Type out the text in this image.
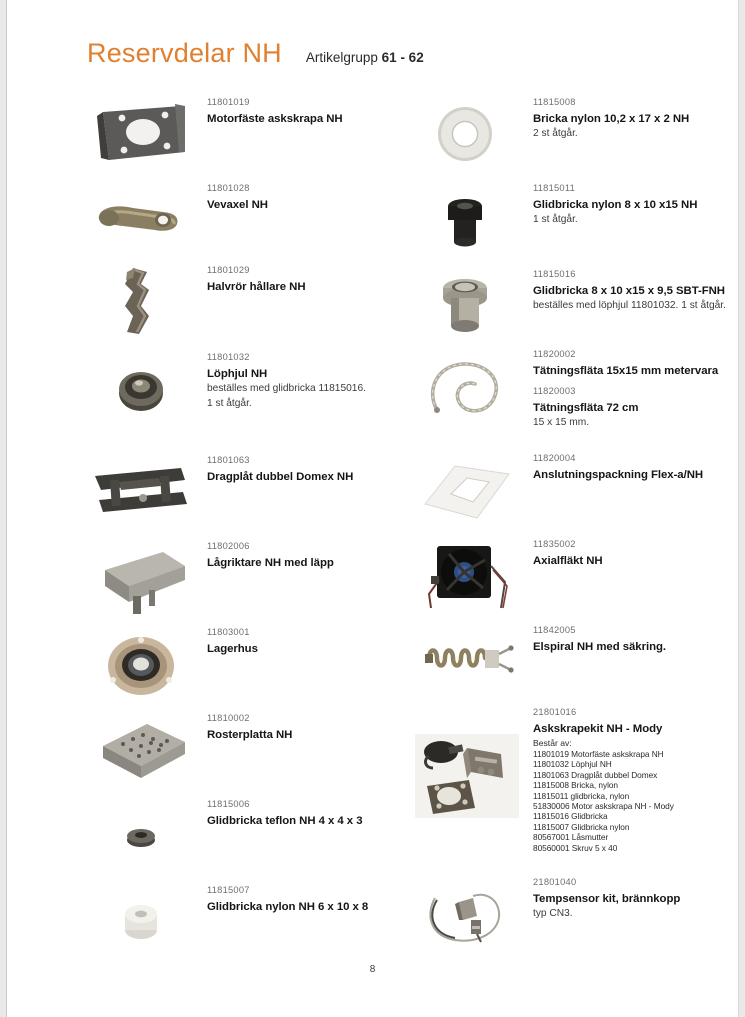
Reservdelar NH Artikelgrupp 61 - 62
11801019
Motorfäste askskrapa NH
11801028
Vevaxel NH
11801029
Halvrör hållare NH
11801032
Löphjul NH
beställes med glidbricka 11815016.
1 st åtgår.
11801063
Dragplåt dubbel Domex NH
11802006
Lågriktare NH med läpp
11803001
Lagerhus
11810002
Rosterplatta NH
11815006
Glidbricka teflon NH 4 x 4 x 3
11815007
Glidbricka nylon NH 6 x 10 x 8
11815008
Bricka nylon 10,2 x 17 x 2 NH
2 st åtgår.
11815011
Glidbricka nylon 8 x 10 x15 NH
1 st åtgår.
11815016
Glidbricka 8 x 10 x15 x 9,5 SBT-FNH
beställes med löphjul 11801032. 1 st åtgår.
11820002
Tätningsfläta 15x15 mm metervara
11820003
Tätningsfläta 72 cm
15 x 15 mm.
11820004
Anslutningspackning Flex-a/NH
11835002
Axialfläkt NH
11842005
Elspiral NH med säkring.
21801016
Askskrapekit NH - Mody
Består av:
11801019 Motorfäste askskrapa NH
11801032 Löphjul NH
11801063 Dragplåt dubbel Domex
11815008 Bricka, nylon
11815011 glidbricka, nylon
51830006 Motor askskrapa NH - Mody
11815016 Glidbricka
11815007 Glidbricka nylon
80567001 Låsmutter
80560001 Skruv 5 x 40
21801040
Tempsensor kit, brännkopp
typ CN3.
8
